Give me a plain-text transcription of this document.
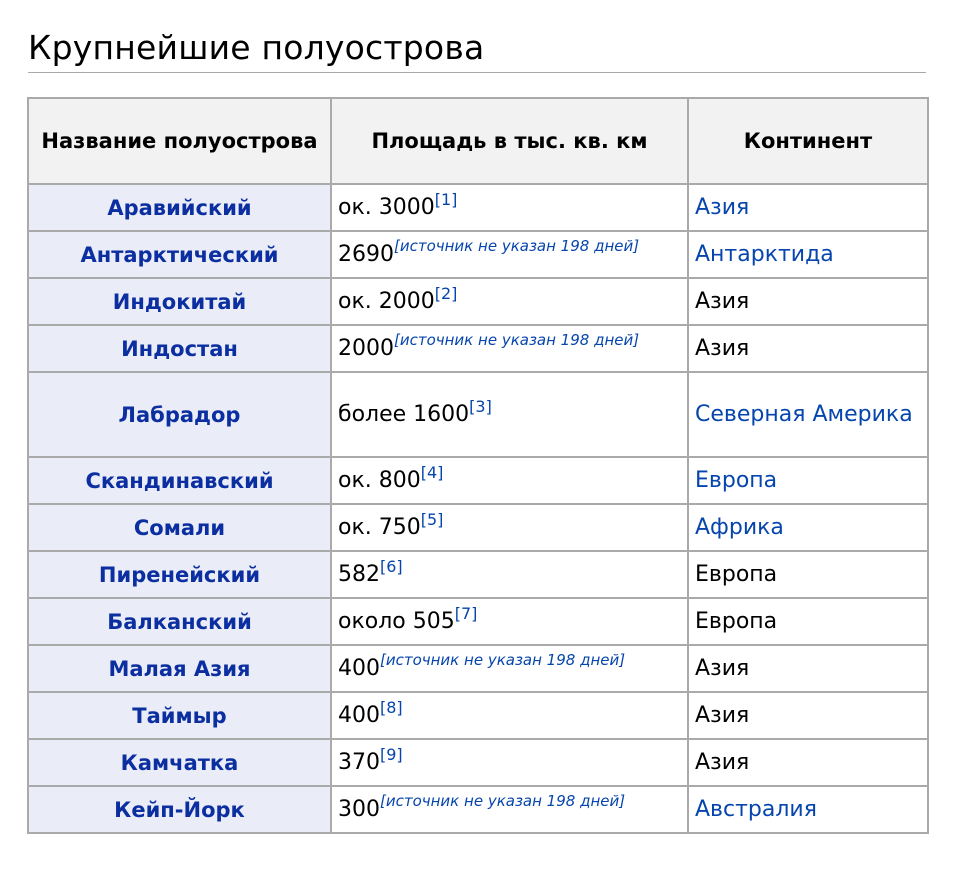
Крупнейшие полуострова
Название полуострова	Площадь в тыс. кв. км	Континент
Аравийский	ок. 3000[1]	Азия
Антарктический	2690[источник не указан 198 дней]	Антарктида
Индокитай	ок. 2000[2]	Азия
Индостан	2000[источник не указан 198 дней]	Азия
Лабрадор	более 1600[3]	Северная Америка
Скандинавский	ок. 800[4]	Европа
Сомали	ок. 750[5]	Африка
Пиренейский	582[6]	Европа
Балканский	около 505[7]	Европа
Малая Азия	400[источник не указан 198 дней]	Азия
Таймыр	400[8]	Азия
Камчатка	370[9]	Азия
Кейп-Йорк	300[источник не указан 198 дней]	Австралия
